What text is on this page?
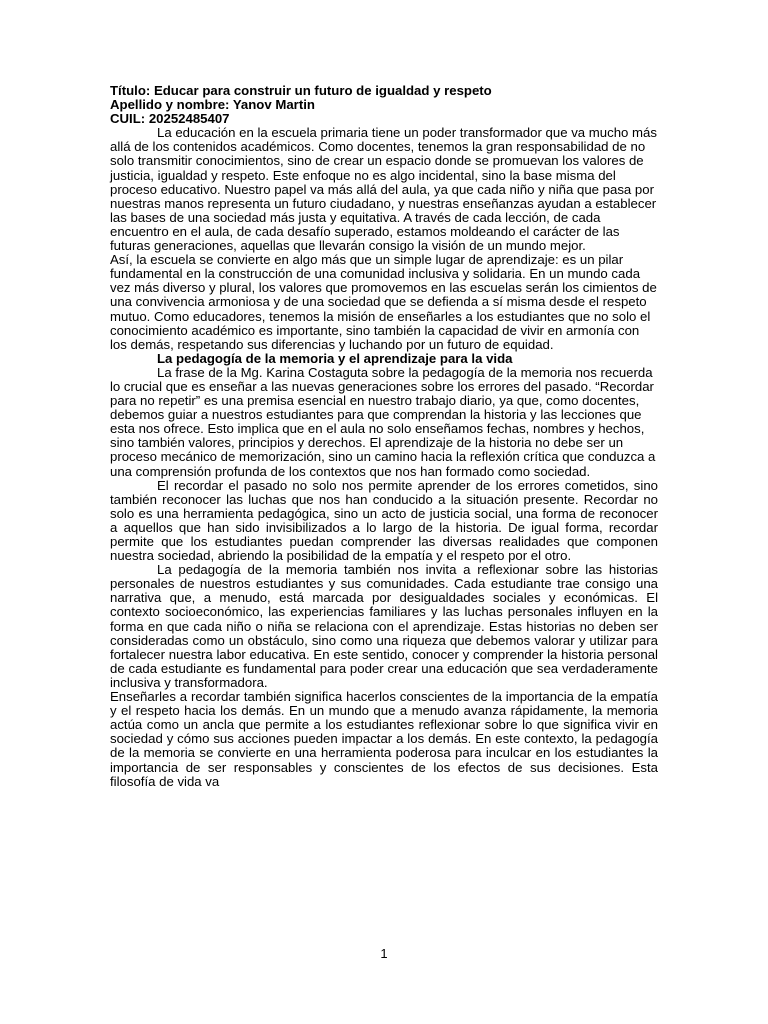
Título: Educar para construir un futuro de igualdad y respeto

Apellido y nombre: Yanov Martin

CUIL: 20252485407

La educación en la escuela primaria tiene un poder transformador que va mucho más allá de los contenidos académicos. Como docentes, tenemos la gran responsabilidad de no solo transmitir conocimientos, sino de crear un espacio donde se promuevan los valores de justicia, igualdad y respeto. Este enfoque no es algo incidental, sino la base misma del proceso educativo. Nuestro papel va más allá del aula, ya que cada niño y niña que pasa por nuestras manos representa un futuro ciudadano, y nuestras enseñanzas ayudan a establecer las bases de una sociedad más justa y equitativa. A través de cada lección, de cada encuentro en el aula, de cada desafío superado, estamos moldeando el carácter de las futuras generaciones, aquellas que llevarán consigo la visión de un mundo mejor.

Así, la escuela se convierte en algo más que un simple lugar de aprendizaje: es un pilar fundamental en la construcción de una comunidad inclusiva y solidaria. En un mundo cada vez más diverso y plural, los valores que promovemos en las escuelas serán los cimientos de una convivencia armoniosa y de una sociedad que se defienda a sí misma desde el respeto mutuo. Como educadores, tenemos la misión de enseñarles a los estudiantes que no solo el conocimiento académico es importante, sino también la capacidad de vivir en armonía con los demás, respetando sus diferencias y luchando por un futuro de equidad.

La pedagogía de la memoria y el aprendizaje para la vida

La frase de la Mg. Karina Costaguta sobre la pedagogía de la memoria nos recuerda lo crucial que es enseñar a las nuevas generaciones sobre los errores del pasado. “Recordar para no repetir” es una premisa esencial en nuestro trabajo diario, ya que, como docentes, debemos guiar a nuestros estudiantes para que comprendan la historia y las lecciones que esta nos ofrece. Esto implica que en el aula no solo enseñamos fechas, nombres y hechos, sino también valores, principios y derechos. El aprendizaje de la historia no debe ser un proceso mecánico de memorización, sino un camino hacia la reflexión crítica que conduzca a una comprensión profunda de los contextos que nos han formado como sociedad.

El recordar el pasado no solo nos permite aprender de los errores cometidos, sino también reconocer las luchas que nos han conducido a la situación presente. Recordar no solo es una herramienta pedagógica, sino un acto de justicia social, una forma de reconocer a aquellos que han sido invisibilizados a lo largo de la historia. De igual forma, recordar permite que los estudiantes puedan comprender las diversas realidades que componen nuestra sociedad, abriendo la posibilidad de la empatía y el respeto por el otro.

La pedagogía de la memoria también nos invita a reflexionar sobre las historias personales de nuestros estudiantes y sus comunidades. Cada estudiante trae consigo una narrativa que, a menudo, está marcada por desigualdades sociales y económicas. El contexto socioeconómico, las experiencias familiares y las luchas personales influyen en la forma en que cada niño o niña se relaciona con el aprendizaje. Estas historias no deben ser consideradas como un obstáculo, sino como una riqueza que debemos valorar y utilizar para fortalecer nuestra labor educativa. En este sentido, conocer y comprender la historia personal de cada estudiante es fundamental para poder crear una educación que sea verdaderamente inclusiva y transformadora.

Enseñarles a recordar también significa hacerlos conscientes de la importancia de la empatía y el respeto hacia los demás. En un mundo que a menudo avanza rápidamente, la memoria actúa como un ancla que permite a los estudiantes reflexionar sobre lo que significa vivir en sociedad y cómo sus acciones pueden impactar a los demás. En este contexto, la pedagogía de la memoria se convierte en una herramienta poderosa para inculcar en los estudiantes la importancia de ser responsables y conscientes de los efectos de sus decisiones. Esta filosofía de vida va

1
